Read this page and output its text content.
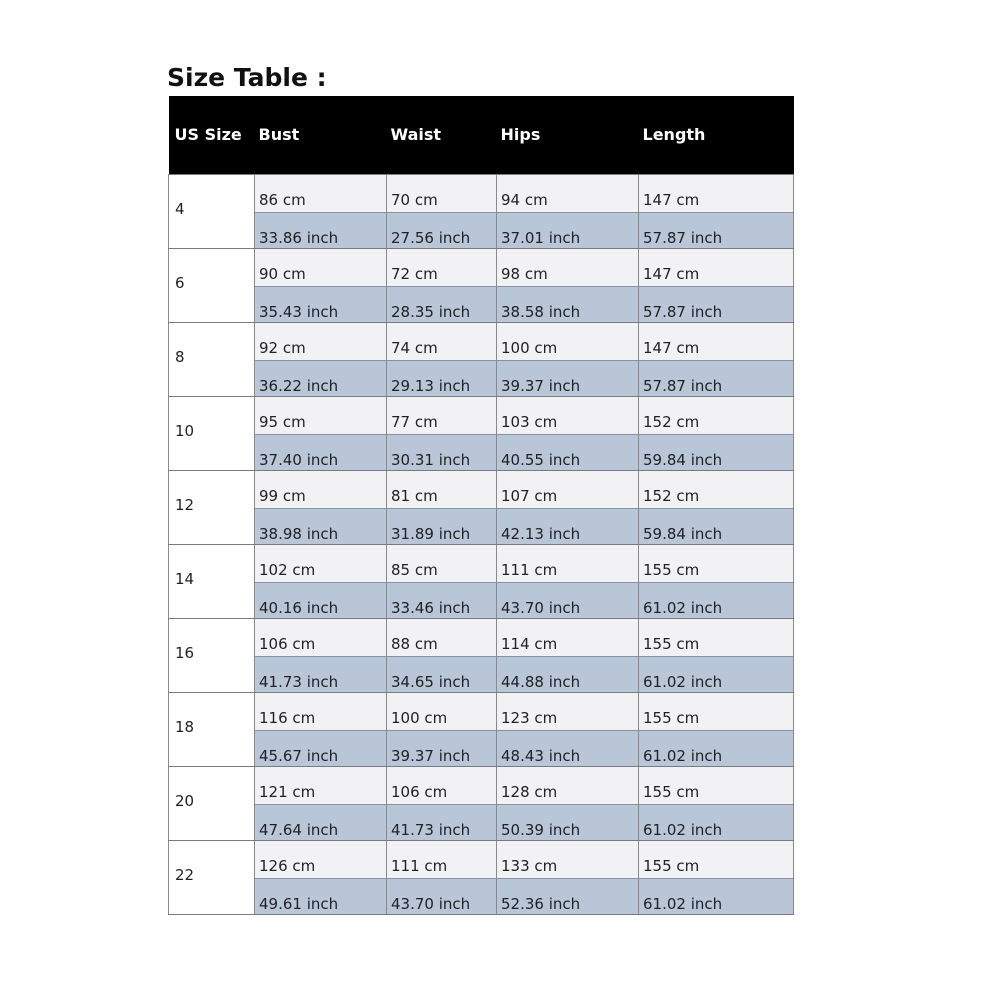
Size Table :
US Size	Bust	Waist	Hips	Length
4	86 cm	70 cm	94 cm	147 cm
	33.86 inch	27.56 inch	37.01 inch	57.87 inch
6	90 cm	72 cm	98 cm	147 cm
	35.43 inch	28.35 inch	38.58 inch	57.87 inch
8	92 cm	74 cm	100 cm	147 cm
	36.22 inch	29.13 inch	39.37 inch	57.87 inch
10	95 cm	77 cm	103 cm	152 cm
	37.40 inch	30.31 inch	40.55 inch	59.84 inch
12	99 cm	81 cm	107 cm	152 cm
	38.98 inch	31.89 inch	42.13 inch	59.84 inch
14	102 cm	85 cm	111 cm	155 cm
	40.16 inch	33.46 inch	43.70 inch	61.02 inch
16	106 cm	88 cm	114 cm	155 cm
	41.73 inch	34.65 inch	44.88 inch	61.02 inch
18	116 cm	100 cm	123 cm	155 cm
	45.67 inch	39.37 inch	48.43 inch	61.02 inch
20	121 cm	106 cm	128 cm	155 cm
	47.64 inch	41.73 inch	50.39 inch	61.02 inch
22	126 cm	111 cm	133 cm	155 cm
	49.61 inch	43.70 inch	52.36 inch	61.02 inch
